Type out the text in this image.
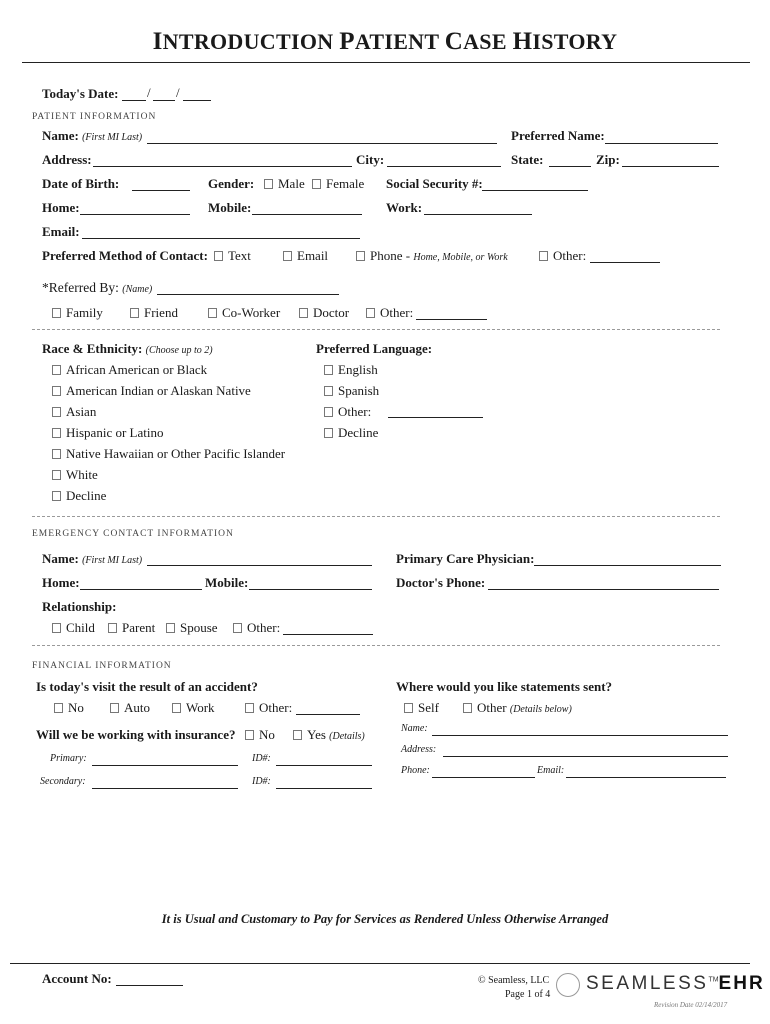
INTRODUCTION PATIENT CASE HISTORY
Today's Date: / /
PATIENT INFORMATION
Name: (First MI Last)	Preferred Name:
Address:	City:	State:	Zip:
Date of Birth:	Gender:	Male	Female Social Security #:
Home:	Mobile:	Work:
Email:
Preferred Method of Contact:	Text	Email	Phone - Home, Mobile, or Work	Other:
*Referred By: (Name)
Family	Friend	Co-Worker	Doctor	Other:
Race & Ethnicity: (Choose up to 2)
African American or Black
American Indian or Alaskan Native
Asian
Hispanic or Latino
Native Hawaiian or Other Pacific Islander
White
Decline
Preferred Language:
English
Spanish
Other:
Decline
EMERGENCY CONTACT INFORMATION
Name: (First MI Last)	Primary Care Physician:
Home:	Mobile:	Doctor's Phone:
Relationship:
Child	Parent	Spouse	Other:
FINANCIAL INFORMATION
Is today's visit the result of an accident?
No	Auto	Work	Other:
Where would you like statements sent?
Self	Other (Details below)
Will we be working with insurance?	No	Yes (Details)
Name:
Primary:	ID#:
Address:
Phone:	Email:
Secondary:	ID#:
It is Usual and Customary to Pay for Services as Rendered Unless Otherwise Arranged
Account No:	© Seamless, LLC
Page 1 of 4
SEAMLESS™EHR
Revision Date 02/14/2017
